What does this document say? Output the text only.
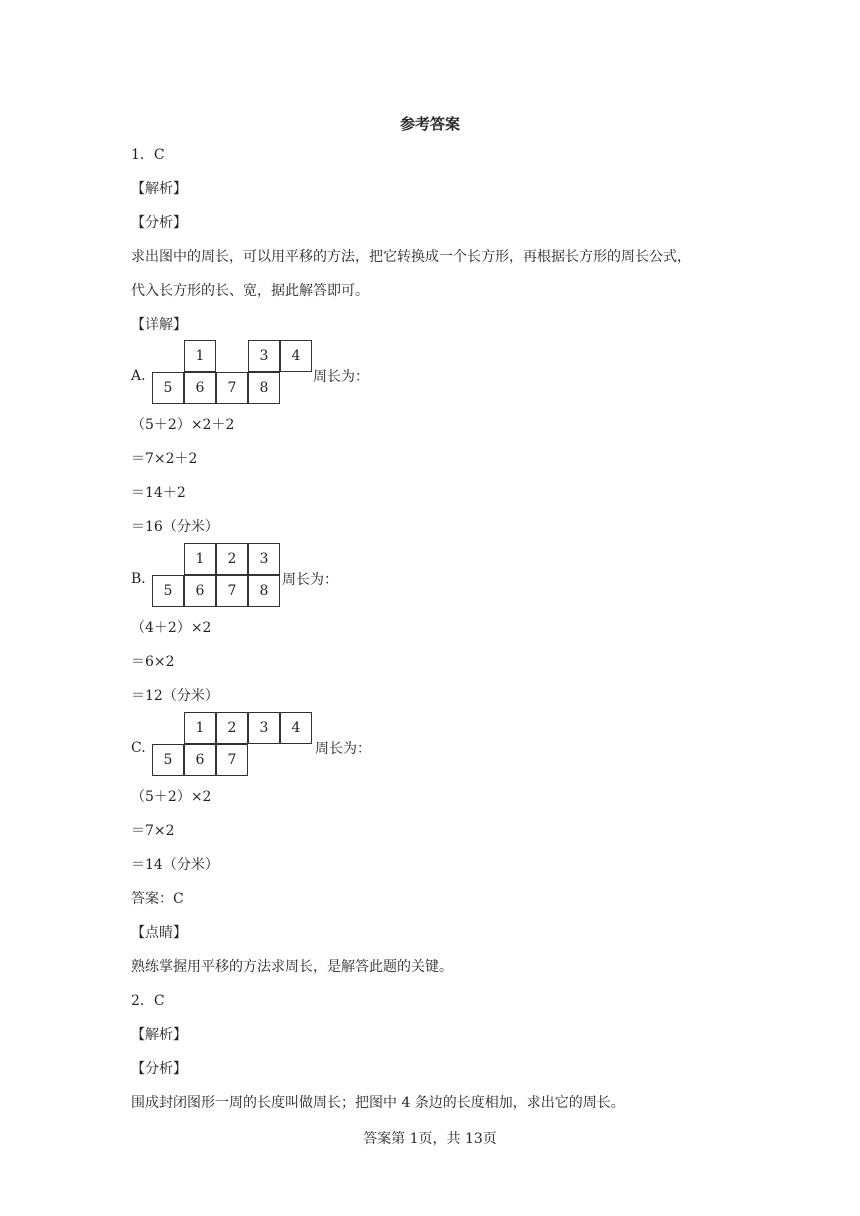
参考答案
1．C
【解析】
【分析】
求出图中的周长，可以用平移的方法，把它转换成一个长方形，再根据长方形的周长公式，
代入长方形的长、宽，据此解答即可。
【详解】
A.
1	3	4
5	6	7	8
周长为：
（5＋2）×2＋2
＝7×2＋2
＝14＋2
＝16（分米）
B.
1	2	3
5	6	7	8
周长为：
（4＋2）×2
＝6×2
＝12（分米）
C.
1	2	3	4
5	6	7
周长为：
（5＋2）×2
＝7×2
＝14（分米）
答案：C
【点睛】
熟练掌握用平移的方法求周长，是解答此题的关键。
2．C
【解析】
【分析】
围成封闭图形一周的长度叫做周长；把图中 4 条边的长度相加，求出它的周长。
答案第 1页，共 13页
